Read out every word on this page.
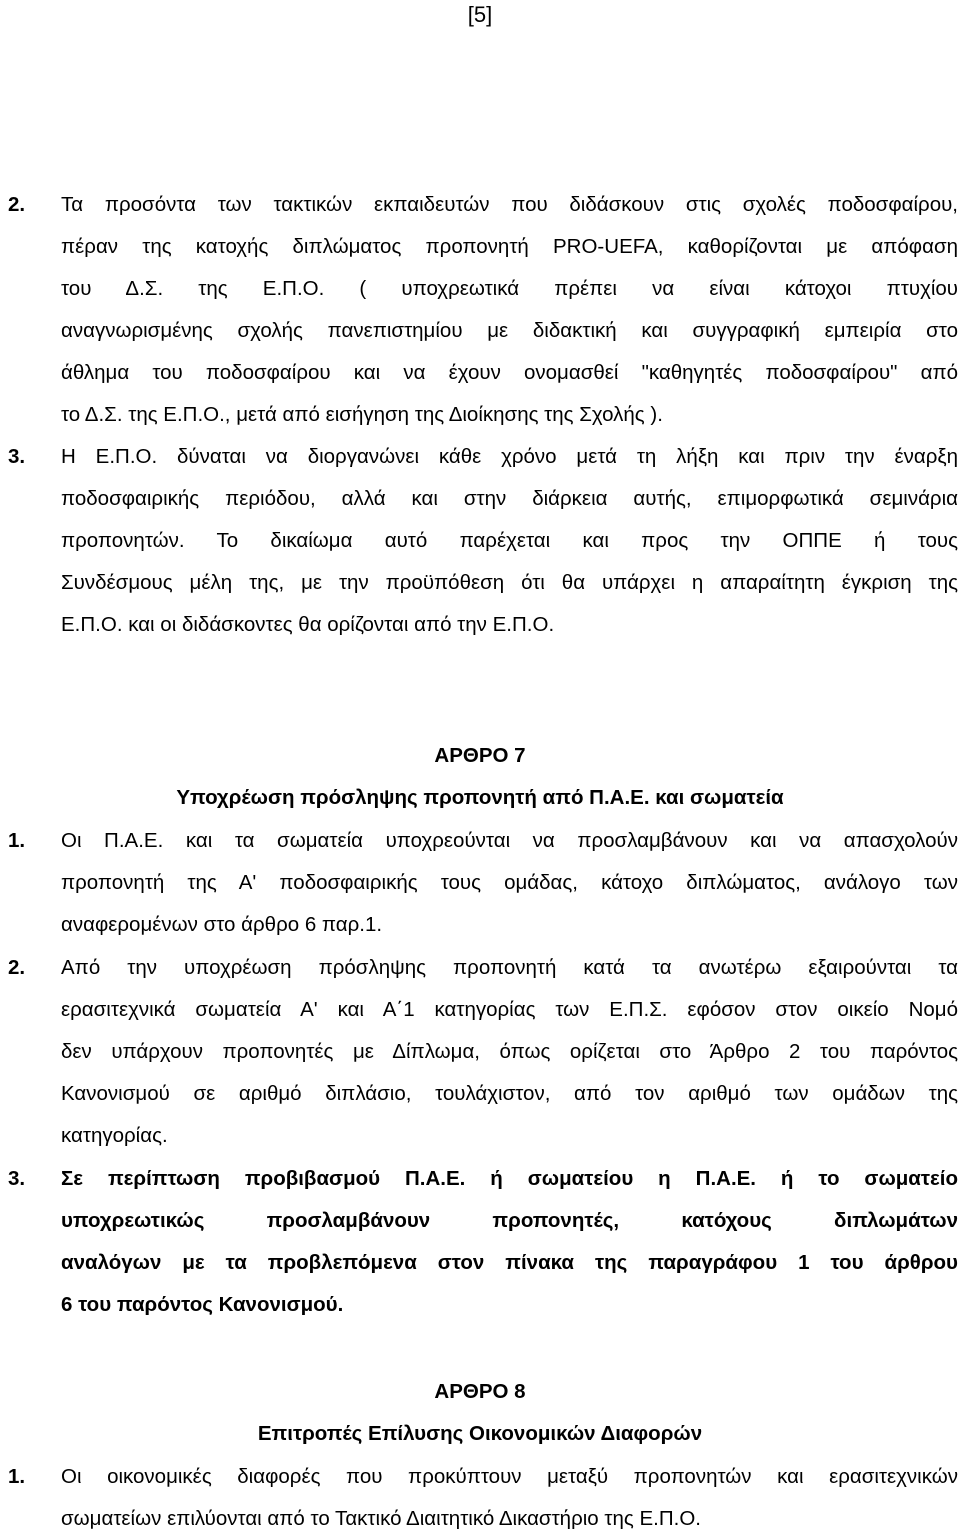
[5]
2. Τα προσόντα των τακτικών εκπαιδευτών που διδάσκουν στις σχολές ποδοσφαίρου,
πέραν της κατοχής διπλώματος προπονητή PRO-UEFA, καθορίζονται με απόφαση
του Δ.Σ. της Ε.Π.Ο. ( υποχρεωτικά πρέπει να είναι κάτοχοι πτυχίου
αναγνωρισμένης σχολής πανεπιστημίου με διδακτική και συγγραφική εμπειρία στο
άθλημα του ποδοσφαίρου και να έχουν ονομασθεί "καθηγητές ποδοσφαίρου" από
το Δ.Σ. της Ε.Π.Ο., μετά από εισήγηση της Διοίκησης της Σχολής ).
3. Η Ε.Π.Ο. δύναται να διοργανώνει κάθε χρόνο μετά τη λήξη και πριν την έναρξη
ποδοσφαιρικής περιόδου, αλλά και στην διάρκεια αυτής, επιμορφωτικά σεμινάρια
προπονητών. Το δικαίωμα αυτό παρέχεται και προς την ΟΠΠΕ ή τους
Συνδέσμους μέλη της, με την προϋπόθεση ότι θα υπάρχει η απαραίτητη έγκριση της
Ε.Π.Ο. και οι διδάσκοντες θα ορίζονται από την Ε.Π.Ο.
ΑΡΘΡΟ 7
Υποχρέωση πρόσληψης προπονητή από Π.Α.Ε. και σωματεία
1. Οι Π.Α.Ε. και τα σωματεία υποχρεούνται να προσλαμβάνουν και να απασχολούν
προπονητή της Α' ποδοσφαιρικής τους ομάδας, κάτοχο διπλώματος, ανάλογο των
αναφερομένων στο άρθρο 6 παρ.1.
2. Από την υποχρέωση πρόσληψης προπονητή κατά τα ανωτέρω εξαιρούνται τα
ερασιτεχνικά σωματεία Α' και Α΄1 κατηγορίας των Ε.Π.Σ. εφόσον στον οικείο Νομό
δεν υπάρχουν προπονητές με Δίπλωμα, όπως ορίζεται στο Άρθρο 2 του παρόντος
Κανονισμού σε αριθμό διπλάσιο, τουλάχιστον, από τον αριθμό των ομάδων της
κατηγορίας.
3. Σε περίπτωση προβιβασμού Π.Α.Ε. ή σωματείου η Π.Α.Ε. ή το σωματείο
υποχρεωτικώς προσλαμβάνουν προπονητές, κατόχους διπλωμάτων
αναλόγων με τα προβλεπόμενα στον πίνακα της παραγράφου 1 του άρθρου
6 του παρόντος Κανονισμού.
ΑΡΘΡΟ 8
Επιτροπές Επίλυσης Οικονομικών Διαφορών
1. Οι οικονομικές διαφορές που προκύπτουν μεταξύ προπονητών και ερασιτεχνικών
σωματείων επιλύονται από το Τακτικό Διαιτητικό Δικαστήριο της Ε.Π.Ο.
